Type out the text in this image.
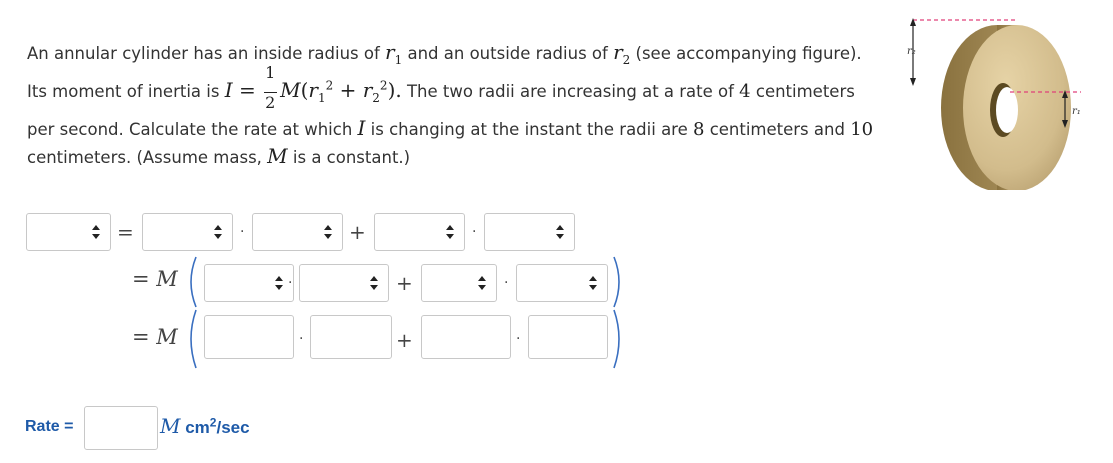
An annular cylinder has an inside radius of $r_1$ and an outside radius of $r_2$ (see accompanying figure).
Its moment of inertia is $I = \frac{1}{2} M(r_1^2 + r_2^2)$. The two radii are increasing at a rate of 4 centimeters
per second. Calculate the rate at which I is changing at the instant the radii are 8 centimeters and 10
centimeters. (Assume mass, M is a constant.)
r₂
r₁
=	·	+	·
= M	·	+	·
= M	·	+	·
Rate =	M $cm^2/\sec$
